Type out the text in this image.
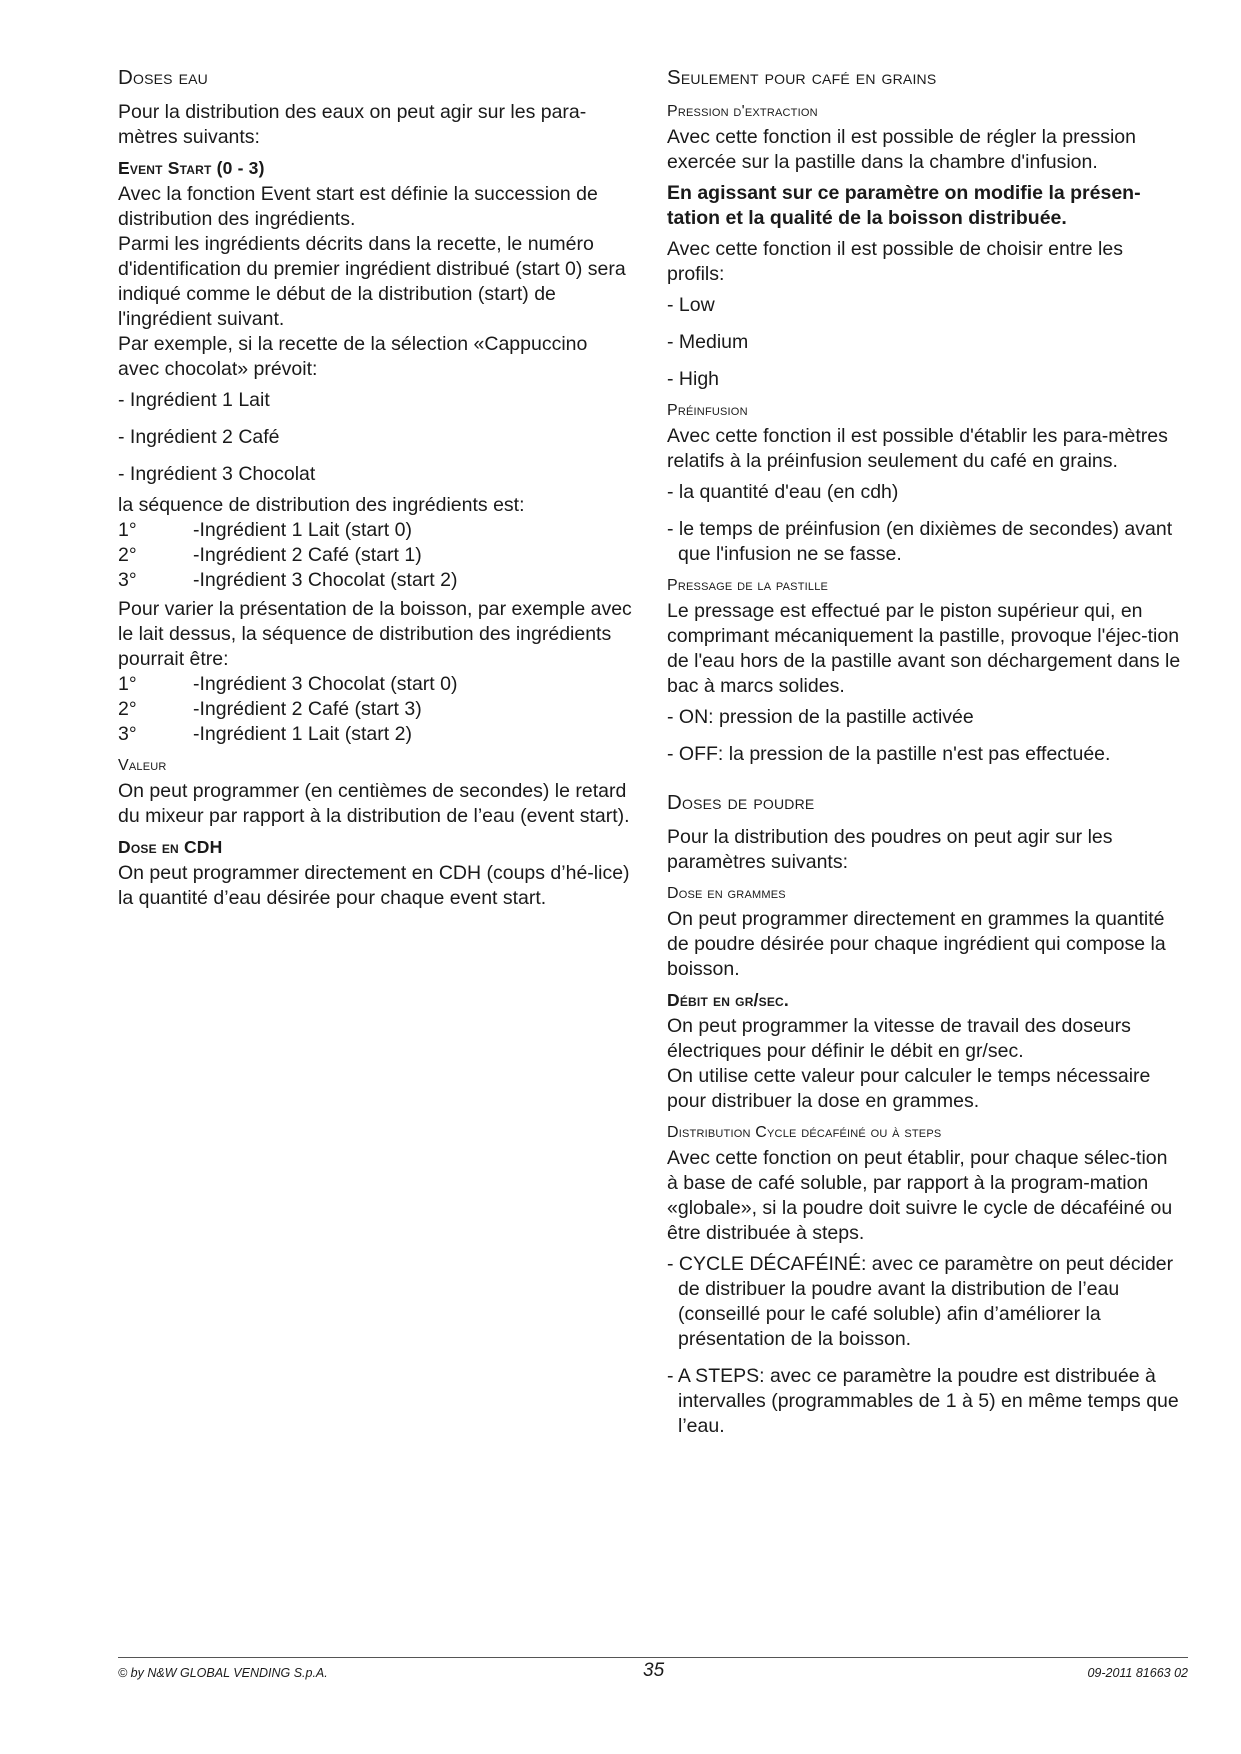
Doses eau
Pour la distribution des eaux on peut agir sur les para-mètres suivants:
Event Start (0 - 3)
Avec la fonction Event start est définie la succession de distribution des ingrédients.
Parmi les ingrédients décrits dans la recette, le numéro d'identification du premier ingrédient distribué (start 0) sera indiqué comme le début de la distribution (start) de l'ingrédient suivant.
Par exemple, si la recette de la sélection «Cappuccino avec chocolat» prévoit:
- Ingrédient 1 Lait
- Ingrédient 2 Café
- Ingrédient 3 Chocolat
la séquence de distribution des ingrédients est:
1°	-Ingrédient 1 Lait (start 0)
2°	-Ingrédient 2 Café (start 1)
3°	-Ingrédient 3 Chocolat (start 2)
Pour varier la présentation de la boisson, par exemple avec le lait dessus, la séquence de distribution des ingrédients pourrait être:
1°	-Ingrédient 3 Chocolat (start 0)
2°	-Ingrédient 2 Café (start 3)
3°	-Ingrédient 1 Lait (start 2)
Valeur
On peut programmer (en centièmes de secondes) le retard du mixeur par rapport à la distribution de l’eau (event start).
Dose en CDH
On peut programmer directement en CDH (coups d’hé-lice) la quantité d’eau désirée pour chaque event start.
Seulement pour café en grains
Pression d'extraction
Avec cette fonction il est possible de régler la pression exercée sur la pastille dans la chambre d'infusion.
En agissant sur ce paramètre on modifie la présen-tation et la qualité de la boisson distribuée.
Avec cette fonction il est possible de choisir entre les profils:
- Low
- Medium
- High
Préinfusion
Avec cette fonction il est possible d'établir les para-mètres relatifs à la préinfusion seulement du café en grains.
- la quantité d'eau (en cdh)
- le temps de préinfusion (en dixièmes de secondes) avant que l'infusion ne se fasse.
Pressage de la pastille
Le pressage est effectué par le piston supérieur qui, en comprimant mécaniquement la pastille, provoque l'éjec-tion de l'eau hors de la pastille avant son déchargement dans le bac à marcs solides.
- ON: pression de la pastille activée
- OFF: la pression de la pastille n'est pas effectuée.
Doses de poudre
Pour la distribution des poudres on peut agir sur les paramètres suivants:
Dose en grammes
On peut programmer directement en grammes la quantité de poudre désirée pour chaque ingrédient qui compose la boisson.
Débit en gr/sec.
On peut programmer la vitesse de travail des doseurs électriques pour définir le débit en gr/sec.
On utilise cette valeur pour calculer le temps nécessaire pour distribuer la dose en grammes.
Distribution Cycle décaféiné ou à steps
Avec cette fonction on peut établir, pour chaque sélec-tion à base de café soluble, par rapport à la program-mation «globale», si la poudre doit suivre le cycle de décaféiné ou être distribuée à steps.
- CYCLE DÉCAFÉINÉ: avec ce paramètre on peut décider de distribuer la poudre avant la distribution de l’eau (conseillé pour le café soluble) afin d’améliorer la présentation de la boisson.
- A STEPS: avec ce paramètre la poudre est distribuée à intervalles (programmables de 1 à 5) en même temps que l’eau.
© by N&W GLOBAL VENDING S.p.A.	35	09-2011 81663 02
